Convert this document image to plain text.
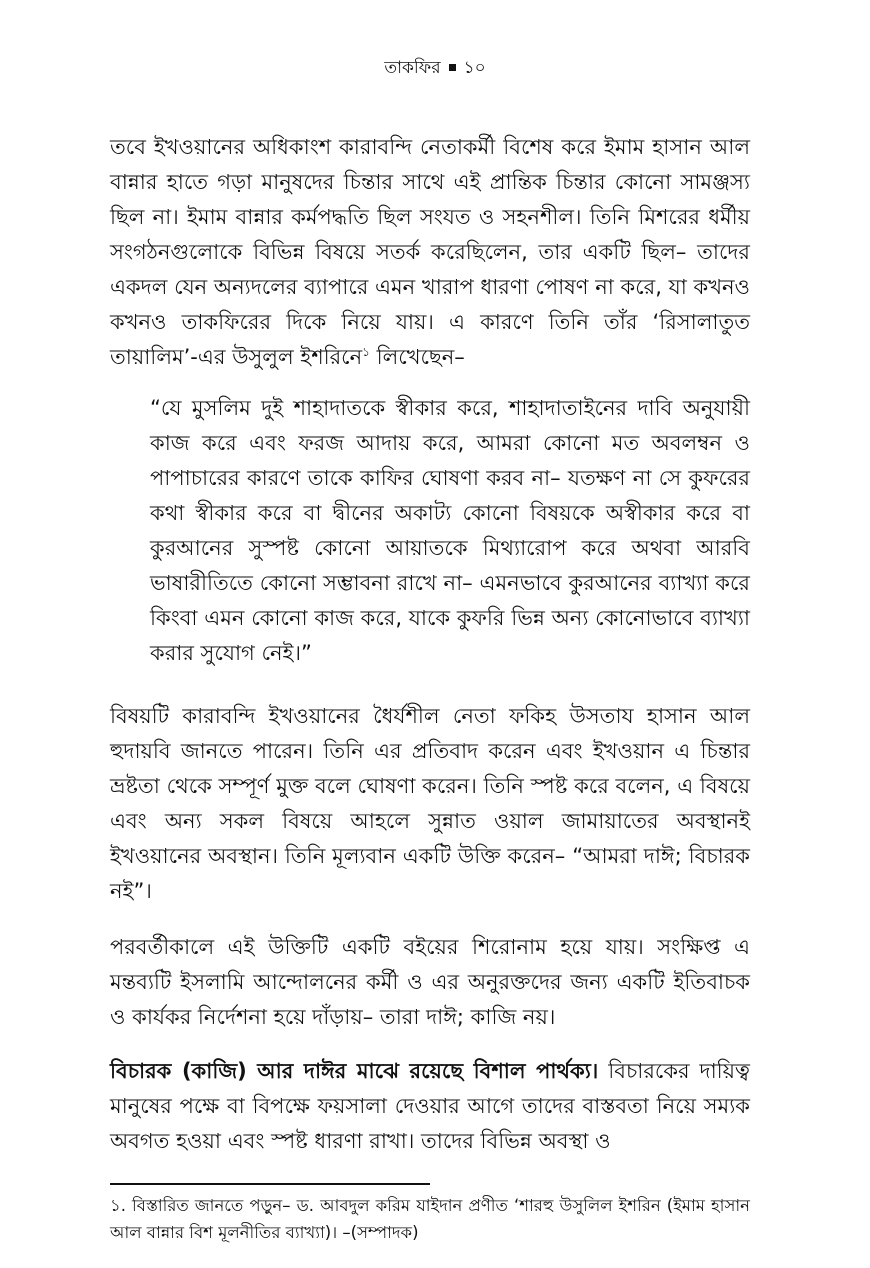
তাকফির ১০

তবে ইখওয়ানের অধিকাংশ কারাবন্দি নেতাকর্মী বিশেষ করে ইমাম হাসান আল বান্নার হাতে গড়া মানুষদের চিন্তার সাথে এই প্রান্তিক চিন্তার কোনো সামঞ্জস্য ছিল না। ইমাম বান্নার কর্মপদ্ধতি ছিল সংযত ও সহনশীল। তিনি মিশরের ধর্মীয় সংগঠনগুলোকে বিভিন্ন বিষয়ে সতর্ক করেছিলেন, তার একটি ছিল– তাদের একদল যেন অন্যদলের ব্যাপারে এমন খারাপ ধারণা পোষণ না করে, যা কখনও কখনও তাকফিরের দিকে নিয়ে যায়। এ কারণে তিনি তাঁর ‘রিসালাতুত তায়ালিম’-এর উসুলুল ইশরিনে$^১$ লিখেছেন–

“যে মুসলিম দুই শাহাদাতকে স্বীকার করে, শাহাদাতাইনের দাবি অনুযায়ী কাজ করে এবং ফরজ আদায় করে, আমরা কোনো মত অবলম্বন ও পাপাচারের কারণে তাকে কাফির ঘোষণা করব না– যতক্ষণ না সে কুফরের কথা স্বীকার করে বা দ্বীনের অকাট্য কোনো বিষয়কে অস্বীকার করে বা কুরআনের সুস্পষ্ট কোনো আয়াতকে মিথ্যারোপ করে অথবা আরবি ভাষারীতিতে কোনো সম্ভাবনা রাখে না– এমনভাবে কুরআনের ব্যাখ্যা করে কিংবা এমন কোনো কাজ করে, যাকে কুফরি ভিন্ন অন্য কোনোভাবে ব্যাখ্যা করার সুযোগ নেই।”

বিষয়টি কারাবন্দি ইখওয়ানের ধৈর্যশীল নেতা ফকিহ উসতায হাসান আল হুদায়বি জানতে পারেন। তিনি এর প্রতিবাদ করেন এবং ইখওয়ান এ চিন্তার ভ্রষ্টতা থেকে সম্পূর্ণ মুক্ত বলে ঘোষণা করেন। তিনি স্পষ্ট করে বলেন, এ বিষয়ে এবং অন্য সকল বিষয়ে আহলে সুন্নাত ওয়াল জামায়াতের অবস্থানই ইখওয়ানের অবস্থান। তিনি মূল্যবান একটি উক্তি করেন– “আমরা দাঈ; বিচারক নই”।

পরবর্তীকালে এই উক্তিটি একটি বইয়ের শিরোনাম হয়ে যায়। সংক্ষিপ্ত এ মন্তব্যটি ইসলামি আন্দোলনের কর্মী ও এর অনুরক্তদের জন্য একটি ইতিবাচক ও কার্যকর নির্দেশনা হয়ে দাঁড়ায়– তারা দাঈ; কাজি নয়।

বিচারক (কাজি) আর দাঈর মাঝে রয়েছে বিশাল পার্থক্য। বিচারকের দায়িত্ব মানুষের পক্ষে বা বিপক্ষে ফয়সালা দেওয়ার আগে তাদের বাস্তবতা নিয়ে সম্যক অবগত হওয়া এবং স্পষ্ট ধারণা রাখা। তাদের বিভিন্ন অবস্থা ও

১. বিস্তারিত জানতে পড়ুন– ড. আবদুল করিম যাইদান প্রণীত ‘শারহু উসুলিল ইশরিন (ইমাম হাসান আল বান্নার বিশ মূলনীতির ব্যাখ্যা)। –(সম্পাদক)
